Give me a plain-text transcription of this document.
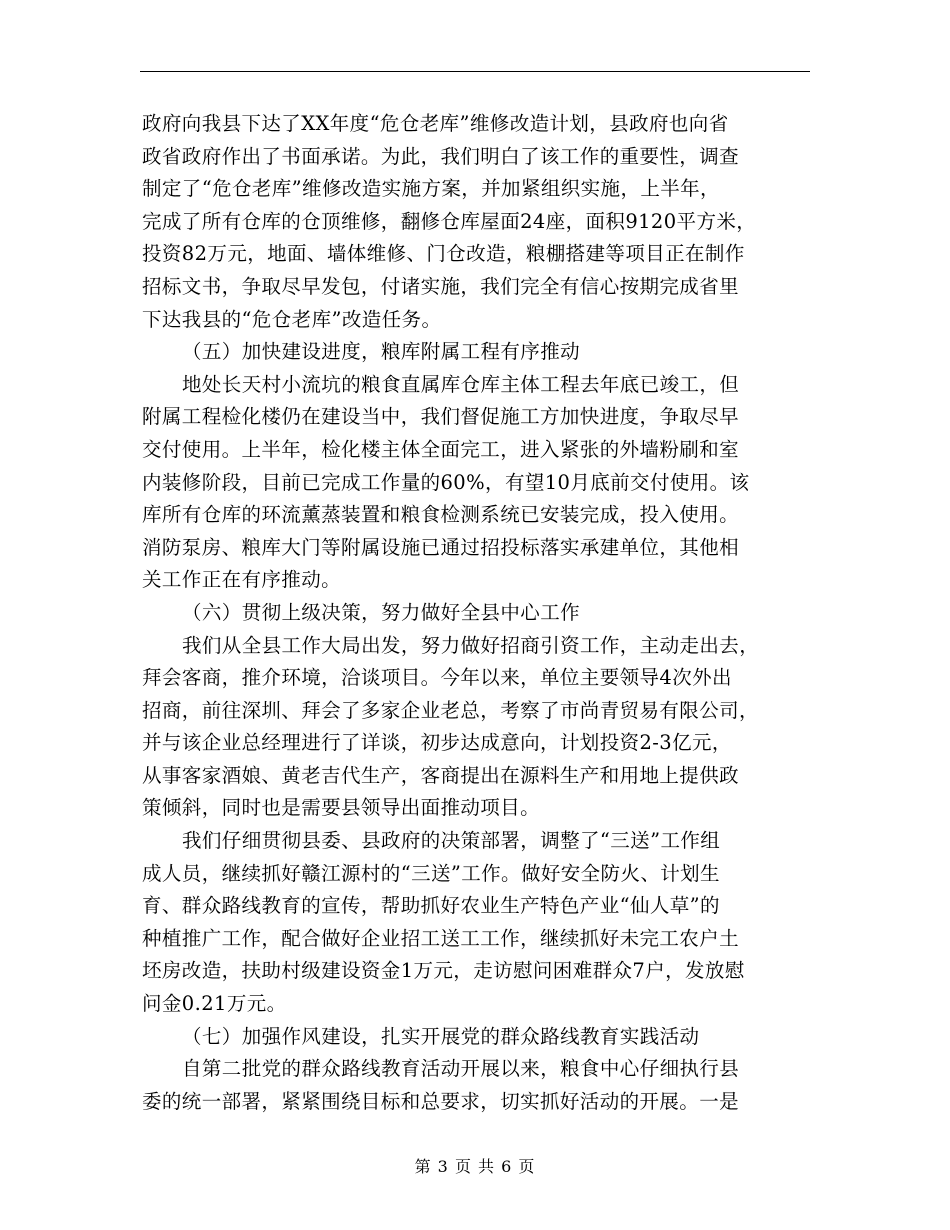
政府向我县下达了XX年度“危仓老库”维修改造计划，县政府也向省
政省政府作出了书面承诺。为此，我们明白了该工作的重要性，调查
制定了“危仓老库”维修改造实施方案，并加紧组织实施，上半年，
完成了所有仓库的仓顶维修，翻修仓库屋面24座，面积9120平方米，
投资82万元，地面、墙体维修、门仓改造，粮棚搭建等项目正在制作
招标文书，争取尽早发包，付诸实施，我们完全有信心按期完成省里
下达我县的“危仓老库”改造任务。
（五）加快建设进度，粮库附属工程有序推动
地处长天村小流坑的粮食直属库仓库主体工程去年底已竣工，但
附属工程检化楼仍在建设当中，我们督促施工方加快进度，争取尽早
交付使用。上半年，检化楼主体全面完工，进入紧张的外墙粉刷和室
内装修阶段，目前已完成工作量的60%，有望10月底前交付使用。该
库所有仓库的环流薰蒸装置和粮食检测系统已安装完成，投入使用。
消防泵房、粮库大门等附属设施已通过招投标落实承建单位，其他相
关工作正在有序推动。
（六）贯彻上级决策，努力做好全县中心工作
我们从全县工作大局出发，努力做好招商引资工作，主动走出去，
拜会客商，推介环境，洽谈项目。今年以来，单位主要领导4次外出
招商，前往深圳、拜会了多家企业老总，考察了市尚青贸易有限公司，
并与该企业总经理进行了详谈，初步达成意向，计划投资2-3亿元，
从事客家酒娘、黄老吉代生产，客商提出在源料生产和用地上提供政
策倾斜，同时也是需要县领导出面推动项目。
我们仔细贯彻县委、县政府的决策部署，调整了“三送”工作组
成人员，继续抓好赣江源村的“三送”工作。做好安全防火、计划生
育、群众路线教育的宣传，帮助抓好农业生产特色产业“仙人草”的
种植推广工作，配合做好企业招工送工工作，继续抓好未完工农户土
坯房改造，扶助村级建设资金1万元，走访慰问困难群众7户，发放慰
问金0.21万元。
（七）加强作风建设，扎实开展党的群众路线教育实践活动
自第二批党的群众路线教育活动开展以来，粮食中心仔细执行县
委的统一部署，紧紧围绕目标和总要求，切实抓好活动的开展。一是
第 3 页 共 6 页
